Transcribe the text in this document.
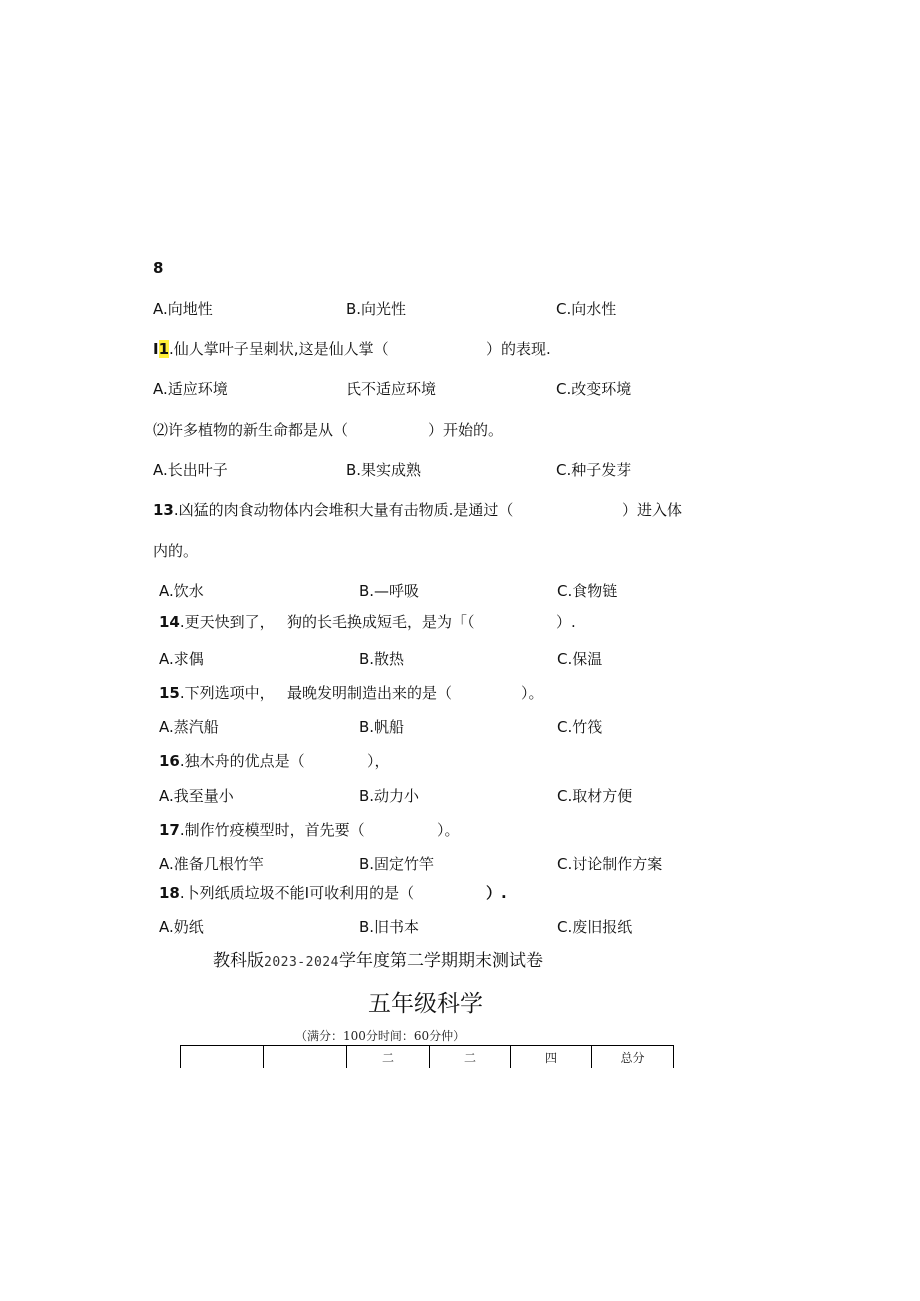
8
A.向地性	B.向光性	C.向水性
I1.仙人掌叶子呈刺状,这是仙人掌（	）的表现.
A.适应环境	氏不适应环境	C.改变环境
⑵许多植物的新生命都是从（	）开始的。
A.长出叶子	B.果实成熟	C.种子发芽
13.凶猛的肉食动物体内会堆积大量有击物质.是通过（	）进入体
内的。
A.饮水	B.—呼吸	C.食物链
14.更天快到了， 狗的长毛换成短毛，是为「（	）.
A.求偶	B.散热	C.保温
15.下列选项中， 最晚发明制造出来的是（	）。
A.蒸汽船	B.帆船	C.竹筏
16.独木舟的优点是（	），
A.我至量小	B.动力小	C.取材方便
17.制作竹疫模型时，首先要（	）。
A.准备几根竹竿	B.固定竹竿	C.讨论制作方案
18.卜列纸质垃圾不能I可收利用的是（	）.
A.奶纸	B.旧书本	C.废旧报纸
教科版2023-2024学年度第二学期期末测试卷
五年级科学
（满分：100分时间：60分仲）
		二	二	四	总分
